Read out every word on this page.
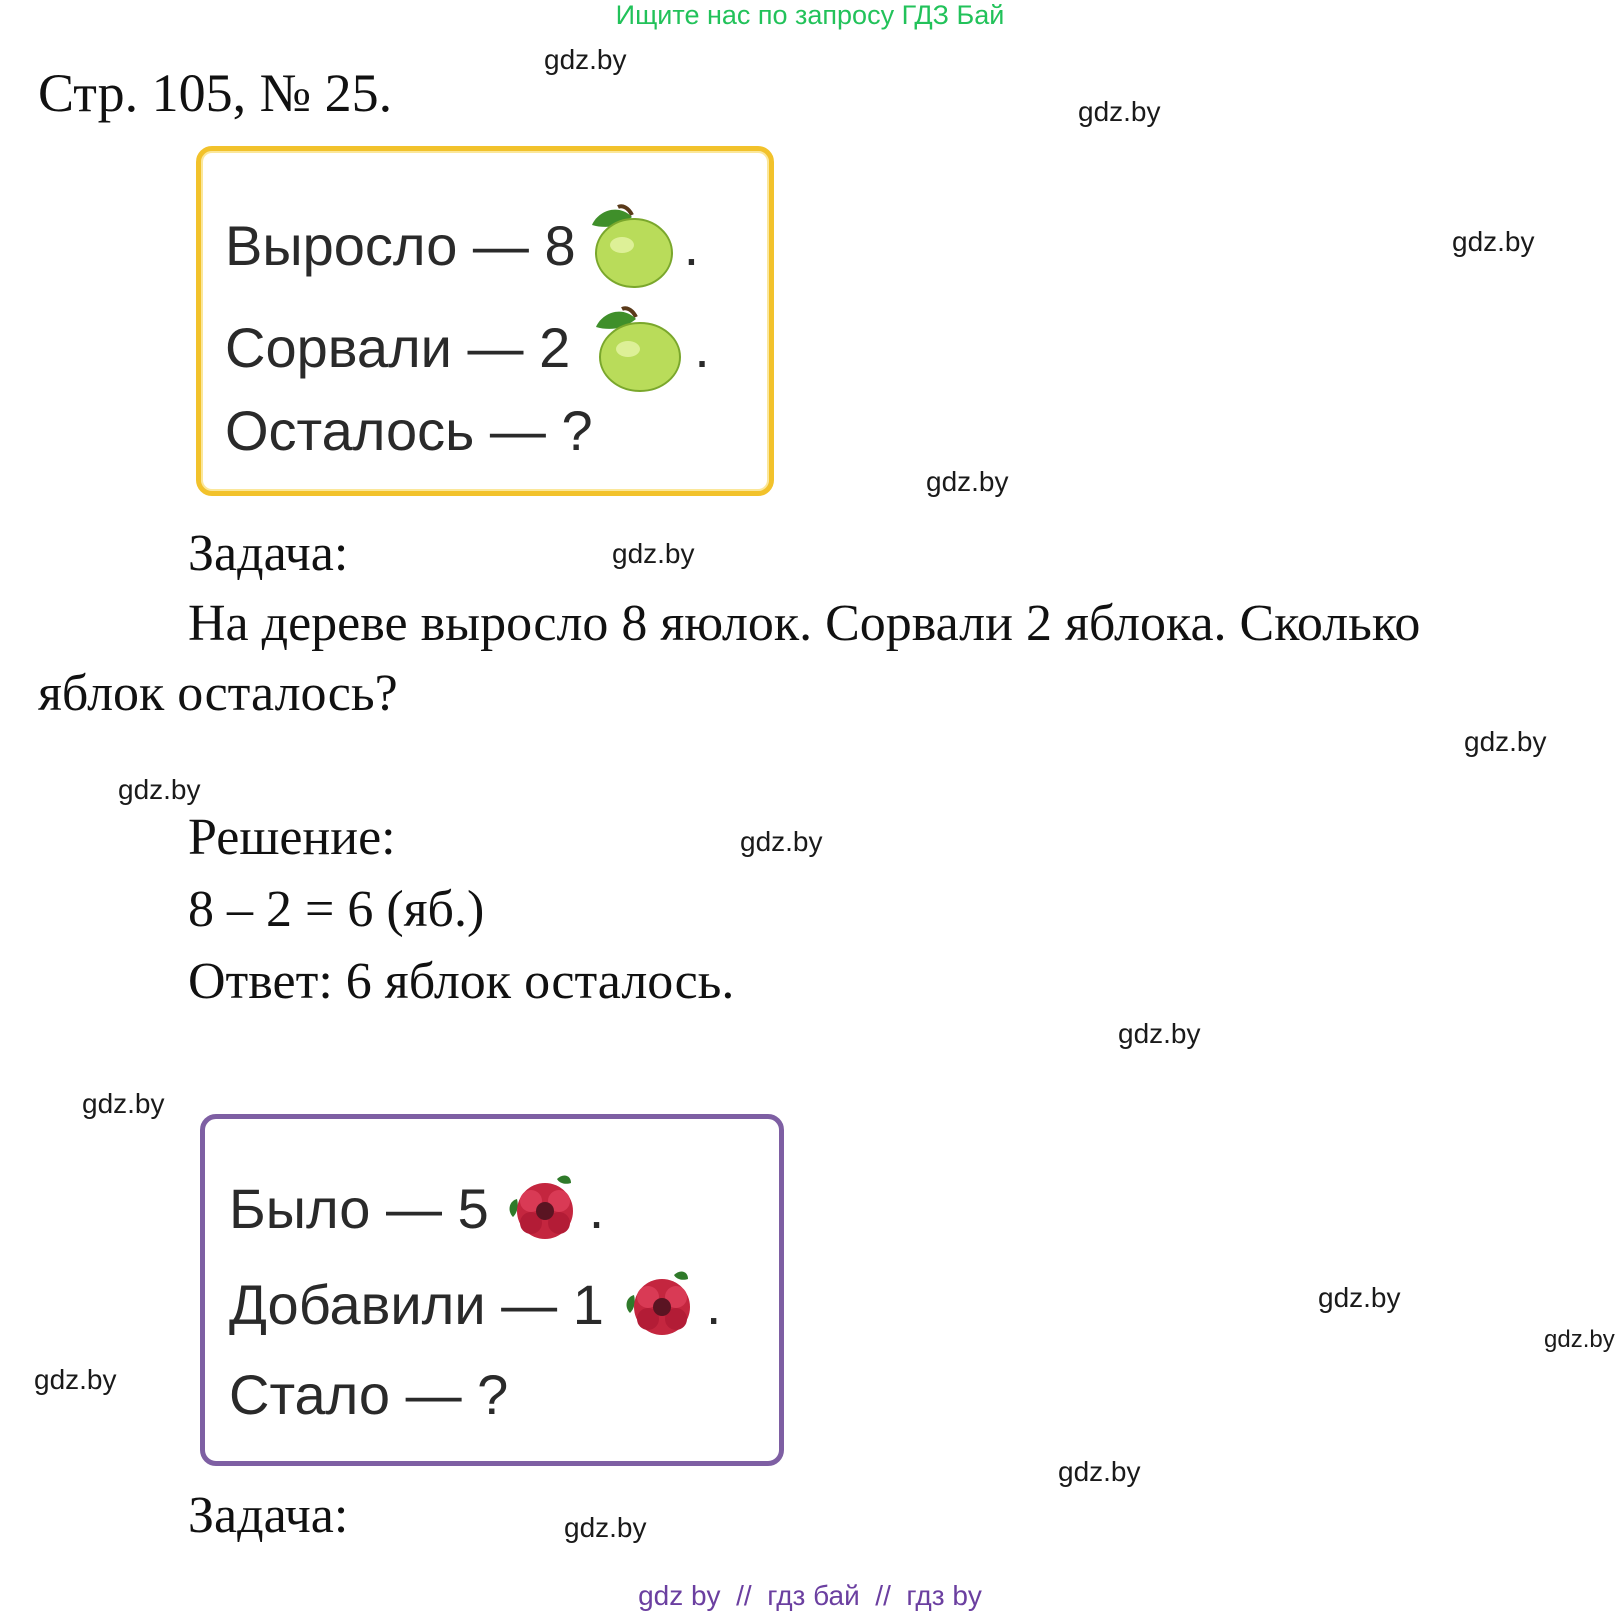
Ищите нас по запросу ГДЗ Бай
gdz.by
gdz.by
gdz.by
gdz.by
gdz.by
gdz.by
gdz.by
gdz.by
gdz.by
gdz.by
gdz.by
gdz.by
gdz.by
gdz.by
gdz.by
Стр. 105, № 25.
Выросло — 8 .
Сорвали — 2 .
Осталось — ?
Задача:
На дереве выросло 8 яюлок. Сорвали 2 яблока. Сколько
яблок осталось?
Решение:
8 – 2 = 6 (яб.)
Ответ: 6 яблок осталось.
Было — 5 .
Добавили — 1 .
Стало — ?
Задача:
gdz by  //  гдз бай  //  гдз by
